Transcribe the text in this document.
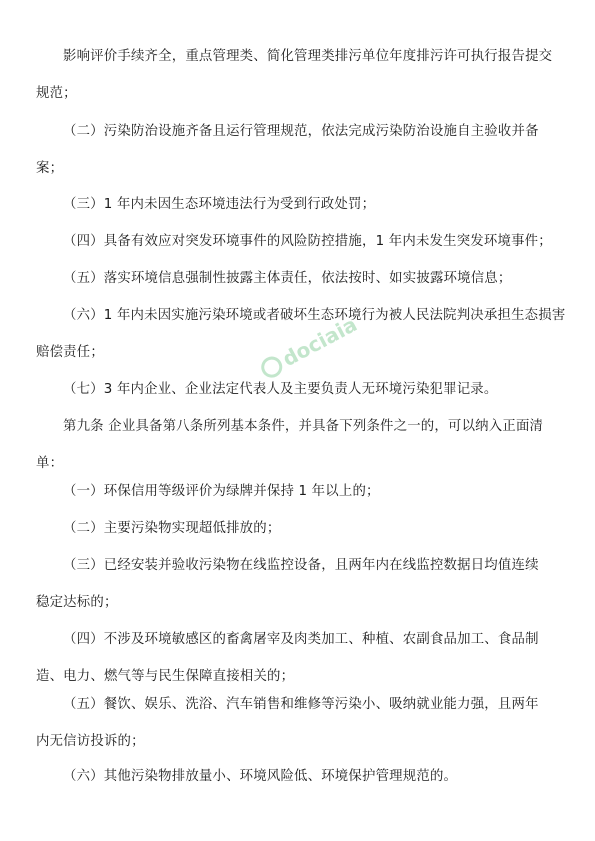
影响评价手续齐全，重点管理类、简化管理类排污单位年度排污许可执行报告提交
规范；
（二）污染防治设施齐备且运行管理规范，依法完成污染防治设施自主验收并备
案；
（三）1 年内未因生态环境违法行为受到行政处罚；
（四）具备有效应对突发环境事件的风险防控措施，1 年内未发生突发环境事件；
（五）落实环境信息强制性披露主体责任，依法按时、如实披露环境信息；
（六）1 年内未因实施污染环境或者破坏生态环境行为被人民法院判决承担生态损害
赔偿责任；
（七）3 年内企业、企业法定代表人及主要负责人无环境污染犯罪记录。
第九条 企业具备第八条所列基本条件，并具备下列条件之一的，可以纳入正面清
单：
（一）环保信用等级评价为绿牌并保持 1 年以上的；
（二）主要污染物实现超低排放的；
（三）已经安装并验收污染物在线监控设备，且两年内在线监控数据日均值连续
稳定达标的；
（四）不涉及环境敏感区的畜禽屠宰及肉类加工、种植、农副食品加工、食品制
造、电力、燃气等与民生保障直接相关的；
（五）餐饮、娱乐、洗浴、汽车销售和维修等污染小、吸纳就业能力强，且两年
内无信访投诉的；
（六）其他污染物排放量小、环境风险低、环境保护管理规范的。
dociaia
